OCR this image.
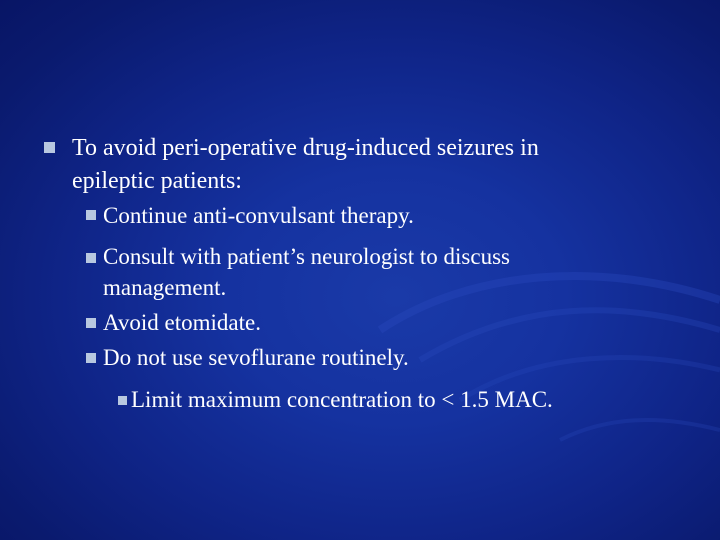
To avoid peri-operative drug-induced seizures in
epileptic patients:
Continue anti-convulsant therapy.
Consult with patient’s neurologist to discuss
management.
Avoid etomidate.
Do not use sevoflurane routinely.
Limit maximum concentration to < 1.5 MAC.
